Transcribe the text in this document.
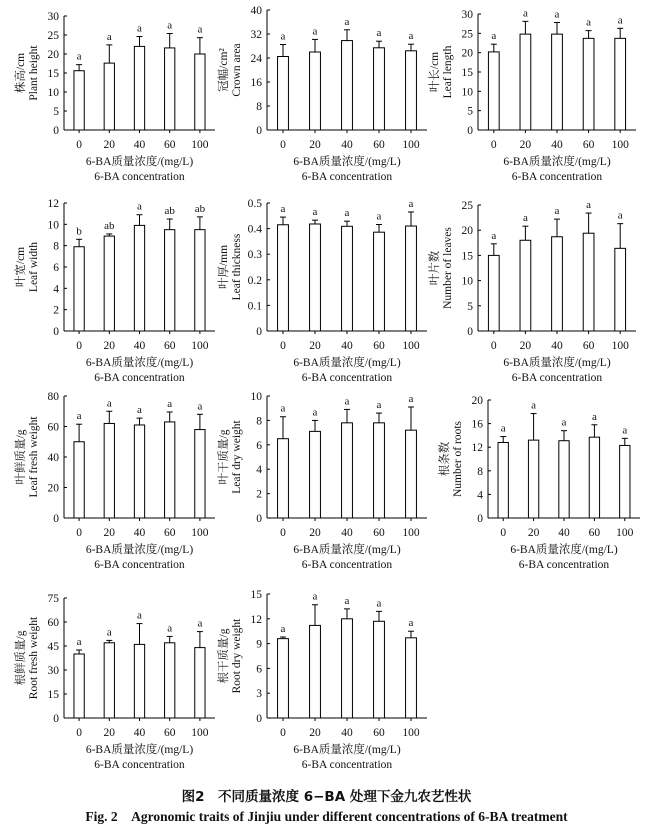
0
5
10
15
20
25
30
0
a
20
a
40
a
60
a
100
a
6-BA质量浓度/(mg/L)
6-BA concentration
株高/cm Plant height
0
8
16
24
32
40
0
a
20
a
40
a
60
a
100
a
6-BA质量浓度/(mg/L)
6-BA concentration
冠幅/cm² Crown area
0
5
10
15
20
25
30
0
a
20
a
40
a
60
a
100
a
6-BA质量浓度/(mg/L)
6-BA concentration
叶长/cm Leaf length
0
2
4
6
8
10
12
0
b
20
ab
40
a
60
ab
100
ab
6-BA质量浓度/(mg/L)
6-BA concentration
叶宽/cm Leaf width
0
0.1
0.2
0.3
0.4
0.5
0
a
20
a
40
a
60
a
100
a
6-BA质量浓度/(mg/L)
6-BA concentration
叶厚/mm Leaf thickness
0
5
10
15
20
25
0
a
20
a
40
a
60
a
100
a
6-BA质量浓度/(mg/L)
6-BA concentration
叶片数 Number of leaves
0
20
40
60
80
0
a
20
a
40
a
60
a
100
a
6-BA质量浓度/(mg/L)
6-BA concentration
叶鲜质量/g Leaf fresh weight
0
2
4
6
8
10
0
a
20
a
40
a
60
a
100
a
6-BA质量浓度/(mg/L)
6-BA concentration
叶干质量/g Leaf dry weight
0
4
8
12
16
20
0
a
20
a
40
a
60
a
100
a
6-BA质量浓度/(mg/L)
6-BA concentration
根条数 Number of roots
0
15
30
45
60
75
0
a
20
a
40
a
60
a
100
a
6-BA质量浓度/(mg/L)
6-BA concentration
根鲜质量/g Root fresh weight
0
3
6
9
12
15
0
a
20
a
40
a
60
a
100
a
6-BA质量浓度/(mg/L)
6-BA concentration
根干质量/g Root dry weight
图2　不同质量浓度 6−BA 处理下金九农艺性状
Fig. 2　Agronomic traits of Jinjiu under different concentrations of 6-BA treatment
